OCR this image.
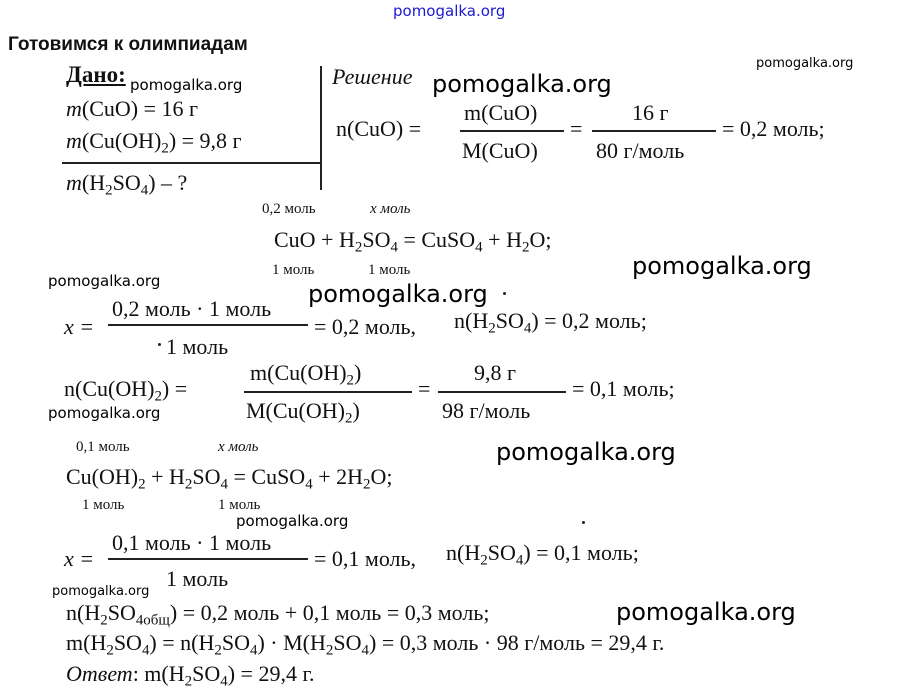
pomogalka.org
Готовимся к олимпиадам
Дано:
m(CuO) = 16 г
$m(Cu(OH)_2) = 9,8$ г
$m(H_2SO_4)$ – ?
Решение
n(CuO) =
m(CuO)
M(CuO)
=
16 г
80 г/моль
= 0,2 моль;
0,2 моль	x моль
CuO + $H_2SO_4$ = CuSO$_4$ + $H_2O$;
1 моль	1 моль
x =
0,2 моль · 1 моль
1 моль
= 0,2 моль, $n(H_2SO_4) = 0,2$ моль;
$n(Cu(OH)_2)$ =
$m(Cu(OH)_2)$
$M(Cu(OH)_2)$
=
9,8 г
98 г/моль
= 0,1 моль;
0,1 моль	x моль
$Cu(OH)_2 + H_2SO_4$ = CuSO$_4$ + $2H_2O$;
1 моль	1 моль
x =
0,1 моль · 1 моль
1 моль
= 0,1 моль, $n(H_2SO_4) = 0,1$ моль;
$n(H_2SO_{4общ}) = 0,2$ моль + 0,1 моль = 0,3 моль;
$m(H_2SO_4) = n(H_2SO_4) \cdot M(H_2SO_4) = 0,3$ моль · 98 г/моль = 29,4 г.
Ответ: $m(H_2SO_4) = 29,4$ г.
pomogalka.org	pomogalka.org
pomogalka.org
pomogalka.org
pomogalka.org	pomogalka.org
pomogalka.org
pomogalka.org
pomogalka.org
pomogalka.org
pomogalka.org
